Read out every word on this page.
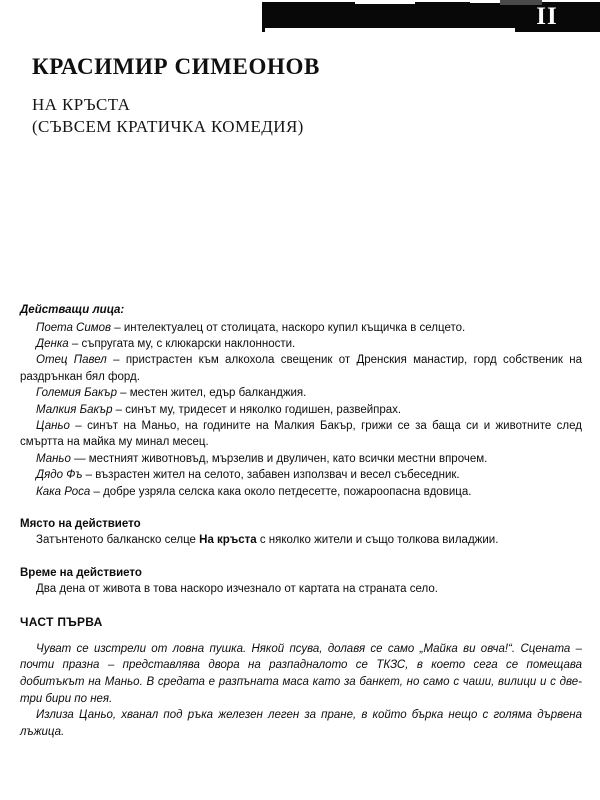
II
КРАСИМИР СИМЕОНОВ
НА КРЪСТА
(СЪВСЕМ КРАТИЧКА КОМЕДИЯ)
Действащи лица:

Поета Симов – интелектуалец от столицата, наскоро купил къщичка в селцето.

Денка – съпругата му, с клюкарски наклонности.

Отец Павел – пристрастен към алкохола свещеник от Дренския манастир, горд собственик на раздрънкан бял форд.

Големия Бакър – местен жител, едър балканджия.

Малкия Бакър – синът му, тридесет и няколко годишен, развейпрах.

Цаньо – синът на Маньо, на годините на Малкия Бакър, грижи се за баща си и животните след смъртта на майка му минал месец.

Маньо — местният животновъд, мързелив и двуличен, като всички местни впрочем.

Дядо Фъ – възрастен жител на селото, забавен използвач и весел събеседник.

Кака Роса – добре узряла селска кака около петдесетте, пожароопасна вдовица.

Място на действието

Затънтеното балканско селце На кръста с няколко жители и също толкова виладжии.

Време на действието

Два дена от живота в това наскоро изчезнало от картата на страната село.

ЧАСТ ПЪРВА

Чуват се изстрели от ловна пушка. Някой псува, долавя се само „Майка ви овча!“. Сцената – почти празна – представлява двора на разпадналото се ТКЗС, в което сега се помещава добитъкът на Маньо. В средата е разпъната маса като за банкет, но само с чаши, вилици и с две-три бири по нея.

Излиза Цаньо, хванал под ръка железен леген за пране, в който бърка нещо с голяма дървена лъжица.
